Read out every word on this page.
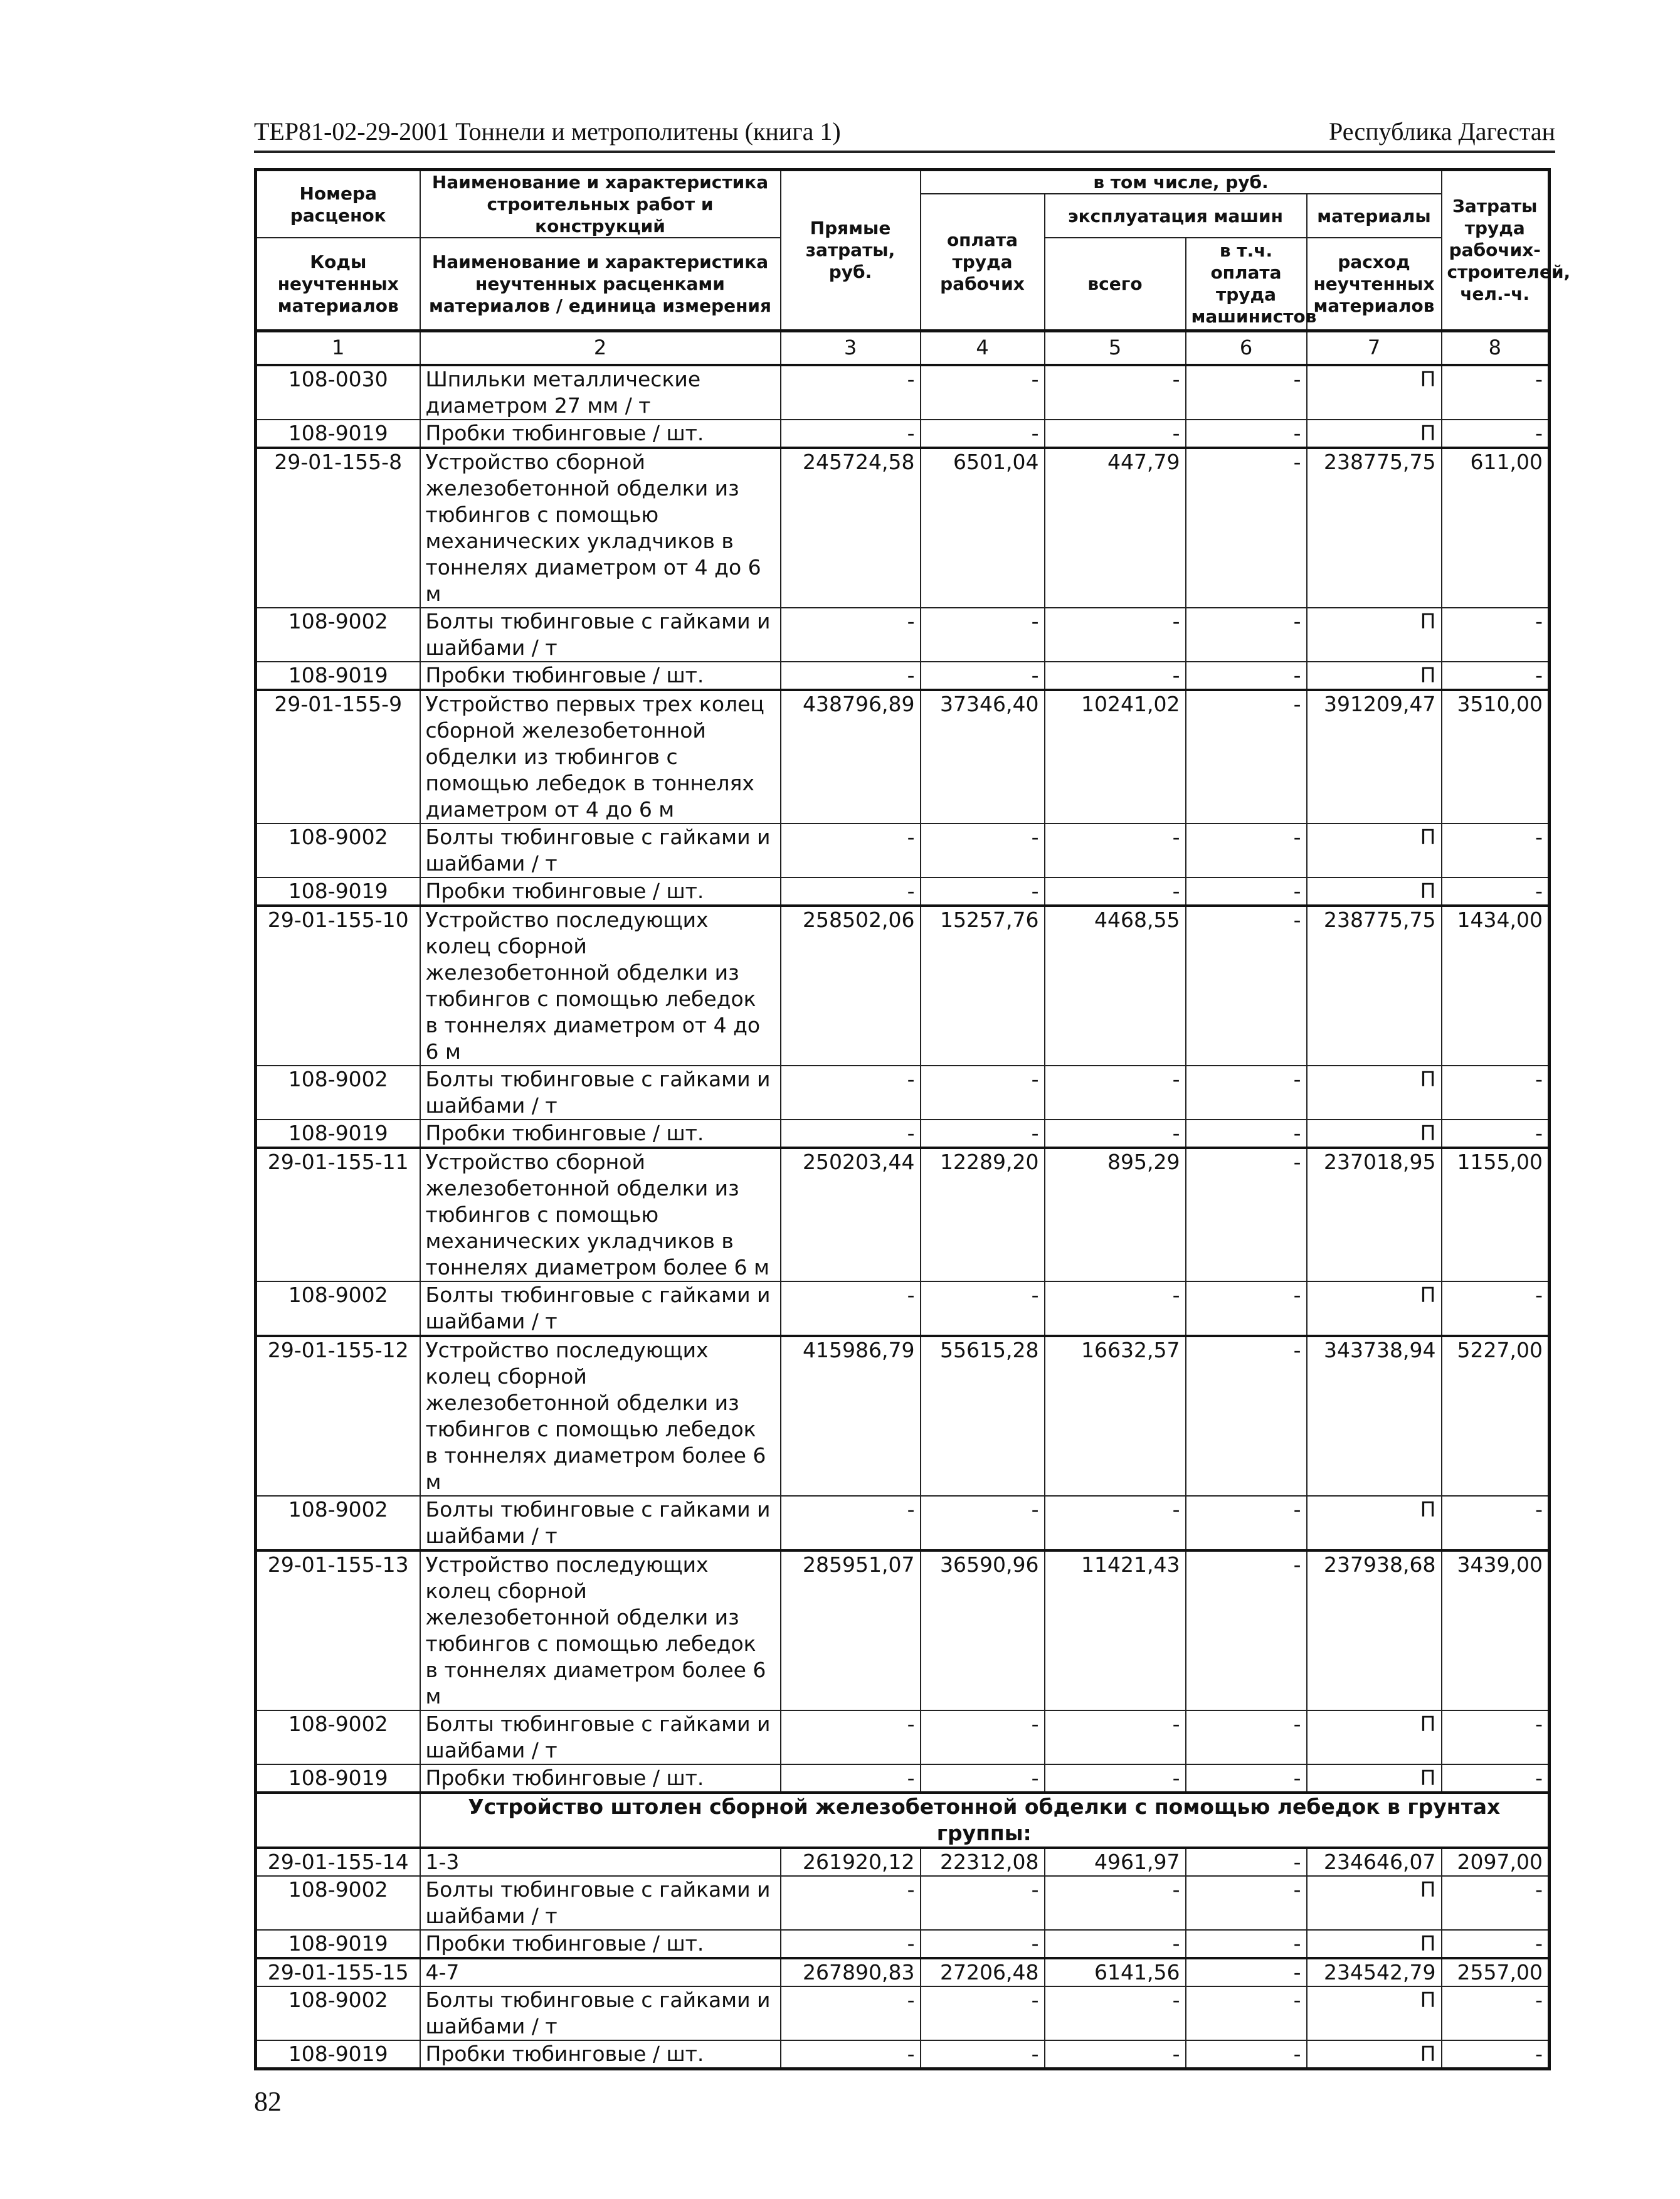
ТЕР81-02-29-2001 Тоннели и метрополитены (книга 1)	Республика Дагестан
Номера расценок	Наименование и характеристика строительных работ и конструкций	Прямые затраты, руб.	в том числе, руб.				Затраты труда рабочих-строителей, чел.-ч.
			оплата труда рабочих	эксплуатация машин		материалы	
Коды неучтенных материалов	Наименование и характеристика неучтенных расценками материалов / единица измерения			всего	в т.ч. оплата труда машинистов	расход неучтенных материалов	

1	2	3	4	5	6	7	8
108-0030	Шпильки металлические диаметром 27 мм / т	-	-	-	-	П	-
108-9019	Пробки тюбинговые / шт.	-	-	-	-	П	-
29-01-155-8	Устройство сборной железобетонной обделки из тюбингов с помощью механических укладчиков в тоннелях диаметром от 4 до 6 м	245724,58	6501,04	447,79	-	238775,75	611,00
108-9002	Болты тюбинговые с гайками и шайбами / т	-	-	-	-	П	-
108-9019	Пробки тюбинговые / шт.	-	-	-	-	П	-
29-01-155-9	Устройство первых трех колец сборной железобетонной обделки из тюбингов с помощью лебедок в тоннелях диаметром от 4 до 6 м	438796,89	37346,40	10241,02	-	391209,47	3510,00
108-9002	Болты тюбинговые с гайками и шайбами / т	-	-	-	-	П	-
108-9019	Пробки тюбинговые / шт.	-	-	-	-	П	-
29-01-155-10	Устройство последующих колец сборной железобетонной обделки из тюбингов с помощью лебедок в тоннелях диаметром от 4 до 6 м	258502,06	15257,76	4468,55	-	238775,75	1434,00
108-9002	Болты тюбинговые с гайками и шайбами / т	-	-	-	-	П	-
108-9019	Пробки тюбинговые / шт.	-	-	-	-	П	-
29-01-155-11	Устройство сборной железобетонной обделки из тюбингов с помощью механических укладчиков в тоннелях диаметром более 6 м	250203,44	12289,20	895,29	-	237018,95	1155,00
108-9002	Болты тюбинговые с гайками и шайбами / т	-	-	-	-	П	-
29-01-155-12	Устройство последующих колец сборной железобетонной обделки из тюбингов с помощью лебедок в тоннелях диаметром более 6 м	415986,79	55615,28	16632,57	-	343738,94	5227,00
108-9002	Болты тюбинговые с гайками и шайбами / т	-	-	-	-	П	-
29-01-155-13	Устройство последующих колец сборной железобетонной обделки из тюбингов с помощью лебедок в тоннелях диаметром более 6 м	285951,07	36590,96	11421,43	-	237938,68	3439,00
108-9002	Болты тюбинговые с гайками и шайбами / т	-	-	-	-	П	-
108-9019	Пробки тюбинговые / шт.	-	-	-	-	П	-
	Устройство штолен сборной железобетонной обделки с помощью лебедок в грунтах группы:						
29-01-155-14	1-3	261920,12	22312,08	4961,97	-	234646,07	2097,00
108-9002	Болты тюбинговые с гайками и шайбами / т	-	-	-	-	П	-
108-9019	Пробки тюбинговые / шт.	-	-	-	-	П	-
29-01-155-15	4-7	267890,83	27206,48	6141,56	-	234542,79	2557,00
108-9002	Болты тюбинговые с гайками и шайбами / т	-	-	-	-	П	-
108-9019	Пробки тюбинговые / шт.	-	-	-	-	П	-
82
